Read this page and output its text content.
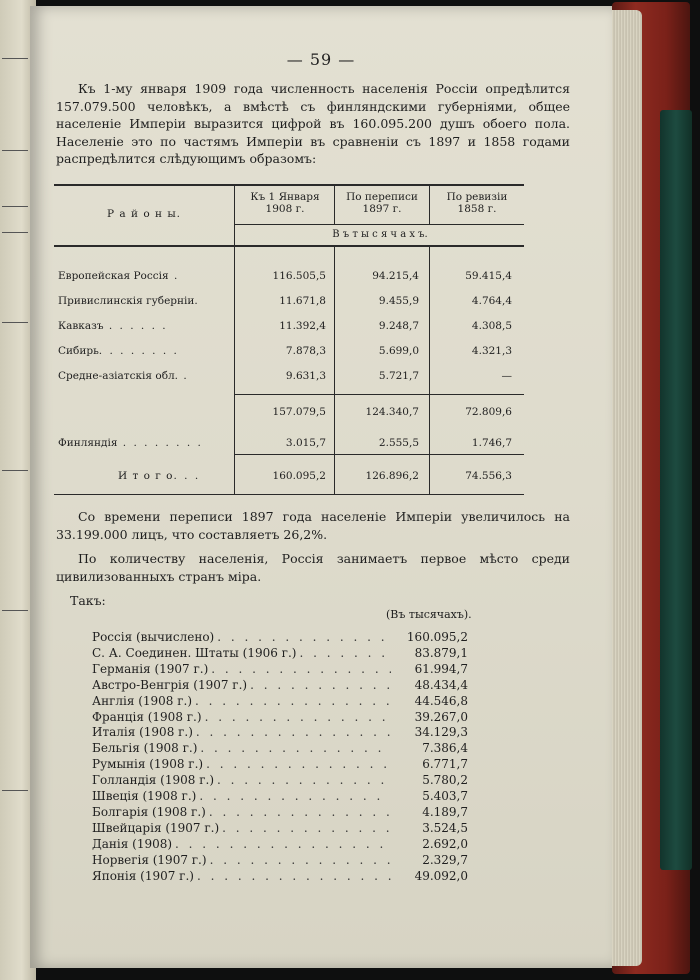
— 59 —
Къ 1-му января 1909 года численность населенія Россіи опредѣлится 157.079.500 человѣкъ, а вмѣстѣ съ финляндскими губерніями, общее населеніе Имперіи выразится цифрой въ 160.095.200 душъ обоего пола. Населеніе это по частямъ Имперіи въ сравненіи съ 1897 и 1858 годами распредѣлится слѣдующимъ образомъ:
Р а й о н ы.
Къ 1 Января 1908 г.
По переписи 1897 г.
По ревизіи 1858 г.
В ъ т ы с я ч а х ъ.
Европейская Россія .	116.505,5	94.215,4	59.415,4
Привислинскія губерніи.	11.671,8	9.455,9	4.764,4
Кавказъ . . . . . .	11.392,4	9.248,7	4.308,5
Сибирь. . . . . . . .	7.878,3	5.699,0	4.321,3
Средне-азіатскія обл. .	9.631,3	5.721,7	—
157.079,5	124.340,7	72.809,6
Финляндія . . . . . . . .	3.015,7	2.555,5	1.746,7
И т о г о. . .	160.095,2	126.896,2	74.556,3
Со времени переписи 1897 года населеніе Имперіи увеличилось на 33.199.000 лицъ, что составляетъ 26,2%.
По количеству населенія, Россія занимаетъ первое мѣсто среди цивилизованныхъ странъ міра.
Такъ:
(Въ тысячахъ).
Россія (вычислено) . . .	160.095,2
С. А. Соединен. Штаты (1906 г.) . . .	83.879,1
Германія (1907 г.) . . .	61.994,7
Австро-Венгрія (1907 г.) . . .	48.434,4
Англія (1908 г.) . . .	44.546,8
Франція (1908 г.) . . .	39.267,0
Италія (1908 г.) . . .	34.129,3
Бельгія (1908 г.) . . .	7.386,4
Румынія (1908 г.) . . .	6.771,7
Голландія (1908 г.) . . .	5.780,2
Швеція (1908 г.) . . .	5.403,7
Болгарія (1908 г.) . . .	4.189,7
Швейцарія (1907 г.) . . .	3.524,5
Данія (1908) . . .	2.692,0
Норвегія (1907 г.) . . .	2.329,7
Японія (1907 г.) . . .	49.092,0
